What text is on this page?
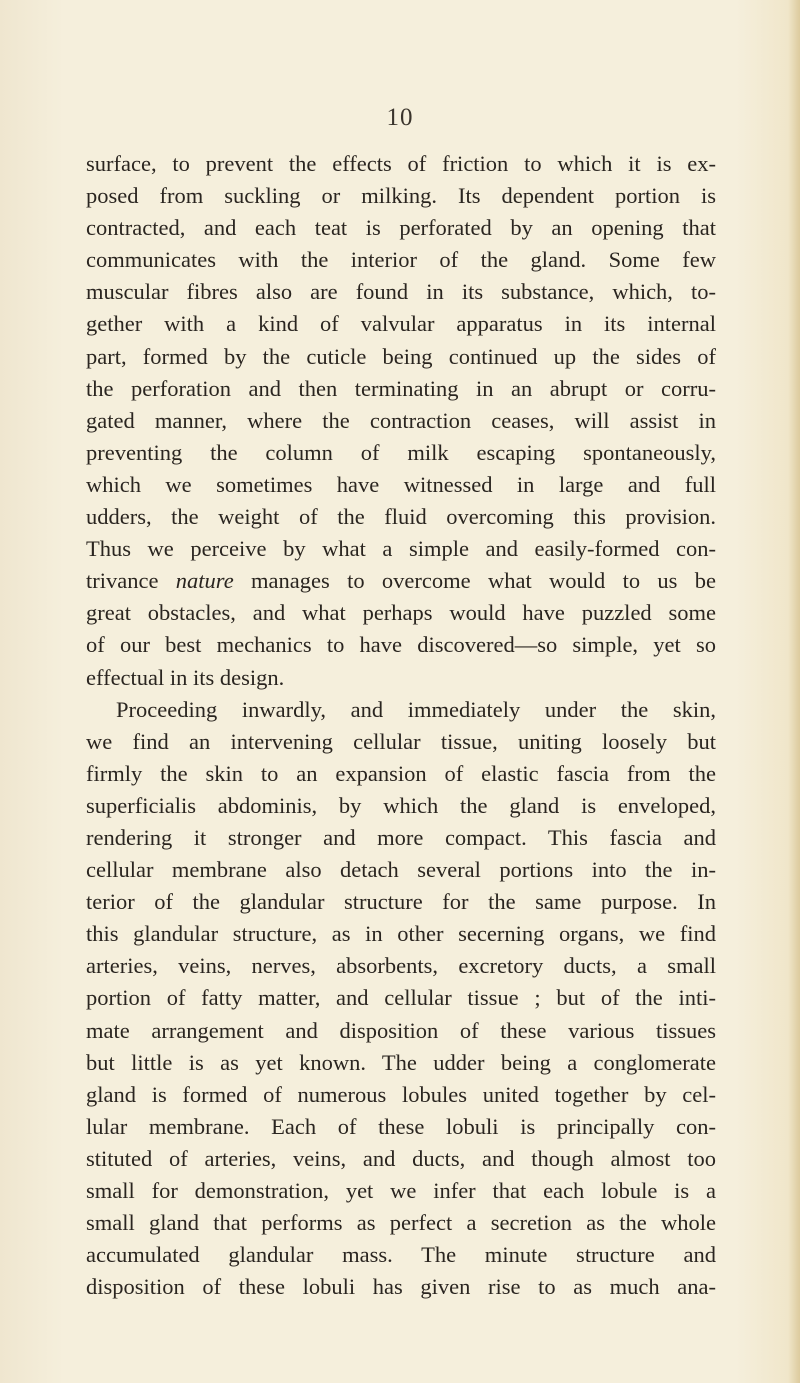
10
surface, to prevent the effects of friction to which it is ex-
posed from suckling or milking. Its dependent portion is
contracted, and each teat is perforated by an opening that
communicates with the interior of the gland. Some few
muscular fibres also are found in its substance, which, to-
gether with a kind of valvular apparatus in its internal
part, formed by the cuticle being continued up the sides of
the perforation and then terminating in an abrupt or corru-
gated manner, where the contraction ceases, will assist in
preventing the column of milk escaping spontaneously,
which we sometimes have witnessed in large and full
udders, the weight of the fluid overcoming this provision.
Thus we perceive by what a simple and easily-formed con-
trivance nature manages to overcome what would to us be
great obstacles, and what perhaps would have puzzled some
of our best mechanics to have discovered—so simple, yet so
effectual in its design.
Proceeding inwardly, and immediately under the skin,
we find an intervening cellular tissue, uniting loosely but
firmly the skin to an expansion of elastic fascia from the
superficialis abdominis, by which the gland is enveloped,
rendering it stronger and more compact. This fascia and
cellular membrane also detach several portions into the in-
terior of the glandular structure for the same purpose. In
this glandular structure, as in other secerning organs, we find
arteries, veins, nerves, absorbents, excretory ducts, a small
portion of fatty matter, and cellular tissue ; but of the inti-
mate arrangement and disposition of these various tissues
but little is as yet known. The udder being a conglomerate
gland is formed of numerous lobules united together by cel-
lular membrane. Each of these lobuli is principally con-
stituted of arteries, veins, and ducts, and though almost too
small for demonstration, yet we infer that each lobule is a
small gland that performs as perfect a secretion as the whole
accumulated glandular mass. The minute structure and
disposition of these lobuli has given rise to as much ana-
